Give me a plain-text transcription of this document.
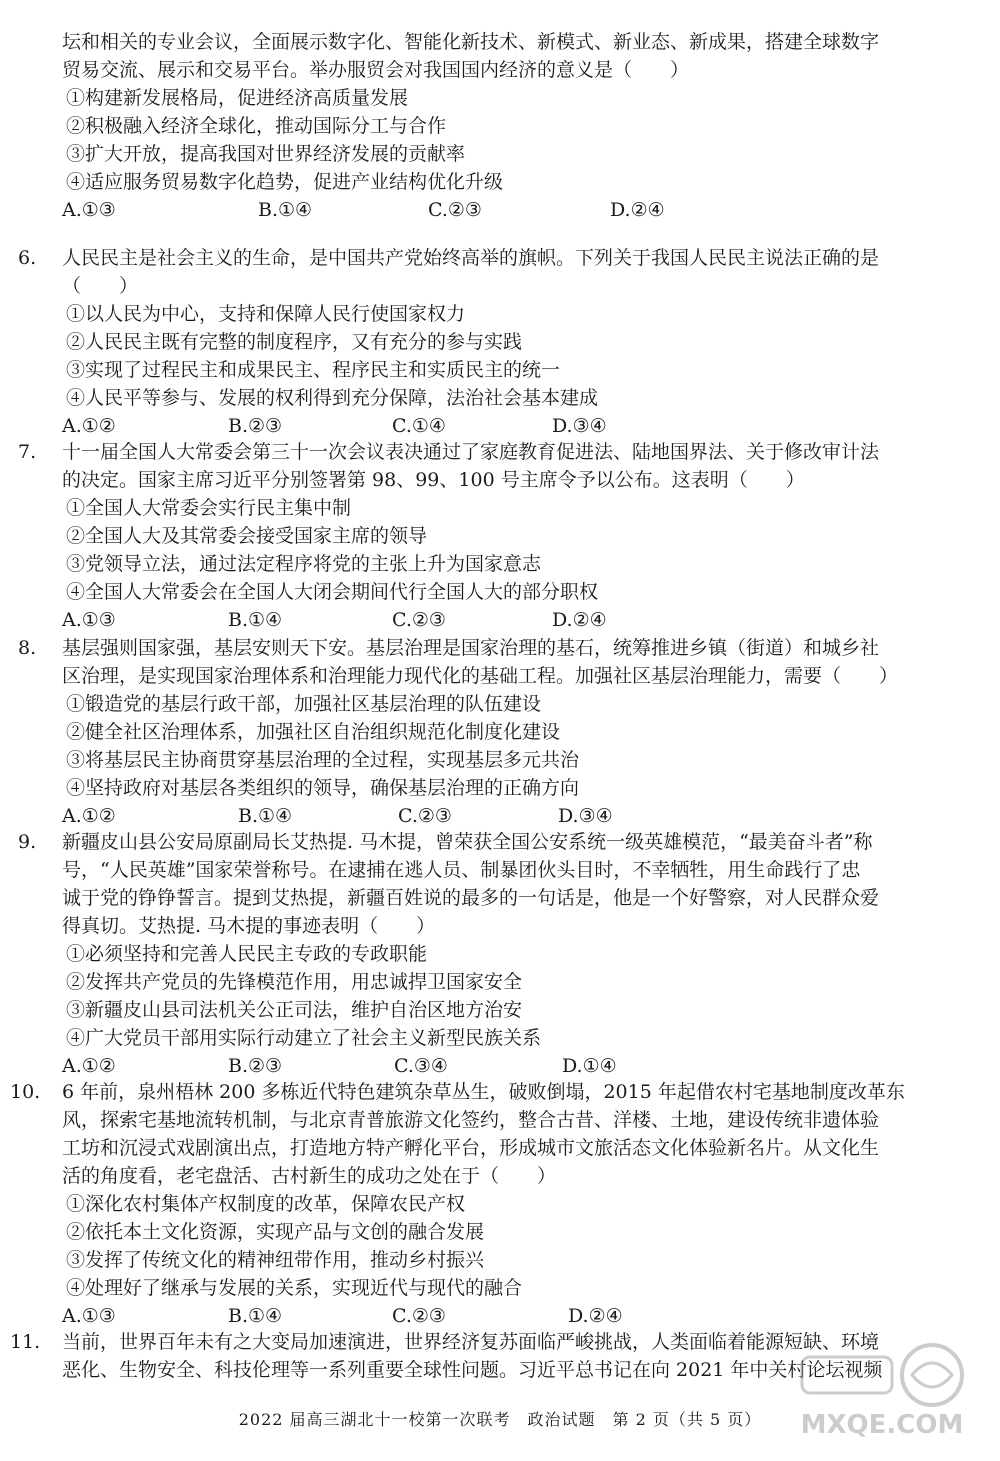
坛和相关的专业会议，全面展示数字化、智能化新技术、新模式、新业态、新成果，搭建全球数字
贸易交流、展示和交易平台。举办服贸会对我国国内经济的意义是（　　）
①构建新发展格局，促进经济高质量发展
②积极融入经济全球化，推动国际分工与合作
③扩大开放，提高我国对世界经济发展的贡献率
④适应服务贸易数字化趋势，促进产业结构优化升级
A.①③	B.①④	C.②③	D.②④
6.	人民民主是社会主义的生命，是中国共产党始终高举的旗帜。下列关于我国人民民主说法正确的是
（　　）
①以人民为中心，支持和保障人民行使国家权力
②人民民主既有完整的制度程序，又有充分的参与实践
③实现了过程民主和成果民主、程序民主和实质民主的统一
④人民平等参与、发展的权利得到充分保障，法治社会基本建成
A.①②	B.②③	C.①④	D.③④
7.	十一届全国人大常委会第三十一次会议表决通过了家庭教育促进法、陆地国界法、关于修改审计法
的决定。国家主席习近平分别签署第 98、99、100 号主席令予以公布。这表明（　　）
①全国人大常委会实行民主集中制
②全国人大及其常委会接受国家主席的领导
③党领导立法，通过法定程序将党的主张上升为国家意志
④全国人大常委会在全国人大闭会期间代行全国人大的部分职权
A.①③	B.①④	C.②③	D.②④
8.	基层强则国家强，基层安则天下安。基层治理是国家治理的基石，统筹推进乡镇（街道）和城乡社
区治理，是实现国家治理体系和治理能力现代化的基础工程。加强社区基层治理能力，需要（　　）
①锻造党的基层行政干部，加强社区基层治理的队伍建设
②健全社区治理体系，加强社区自治组织规范化制度化建设
③将基层民主协商贯穿基层治理的全过程，实现基层多元共治
④坚持政府对基层各类组织的领导，确保基层治理的正确方向
A.①②	B.①④	C.②③	D.③④
9.	新疆皮山县公安局原副局长艾热提. 马木提，曾荣获全国公安系统一级英雄模范，“最美奋斗者”称
号，“人民英雄”国家荣誉称号。在逮捕在逃人员、制暴团伙头目时，不幸牺牲，用生命践行了忠
诚于党的铮铮誓言。提到艾热提，新疆百姓说的最多的一句话是，他是一个好警察，对人民群众爱
得真切。艾热提. 马木提的事迹表明（　　）
①必须坚持和完善人民民主专政的专政职能
②发挥共产党员的先锋模范作用，用忠诚捍卫国家安全
③新疆皮山县司法机关公正司法，维护自治区地方治安
④广大党员干部用实际行动建立了社会主义新型民族关系
A.①②	B.②③	C.③④	D.①④
10.	6 年前，泉州梧林 200 多栋近代特色建筑杂草丛生，破败倒塌，2015 年起借农村宅基地制度改革东
风，探索宅基地流转机制，与北京青普旅游文化签约，整合古昔、洋楼、土地，建设传统非遗体验
工坊和沉浸式戏剧演出点，打造地方特产孵化平台，形成城市文旅活态文化体验新名片。从文化生
活的角度看，老宅盘活、古村新生的成功之处在于（　　）
①深化农村集体产权制度的改革，保障农民产权
②依托本土文化资源，实现产品与文创的融合发展
③发挥了传统文化的精神纽带作用，推动乡村振兴
④处理好了继承与发展的关系，实现近代与现代的融合
A.①③	B.①④	C.②③	D.②④
11.	当前，世界百年未有之大变局加速演进，世界经济复苏面临严峻挑战，人类面临着能源短缺、环境
恶化、生物安全、科技伦理等一系列重要全球性问题。习近平总书记在向 2021 年中关村论坛视频
2022 届高三湖北十一校第一次联考　政治试题　第 2 页（共 5 页）	MXQE.COM
